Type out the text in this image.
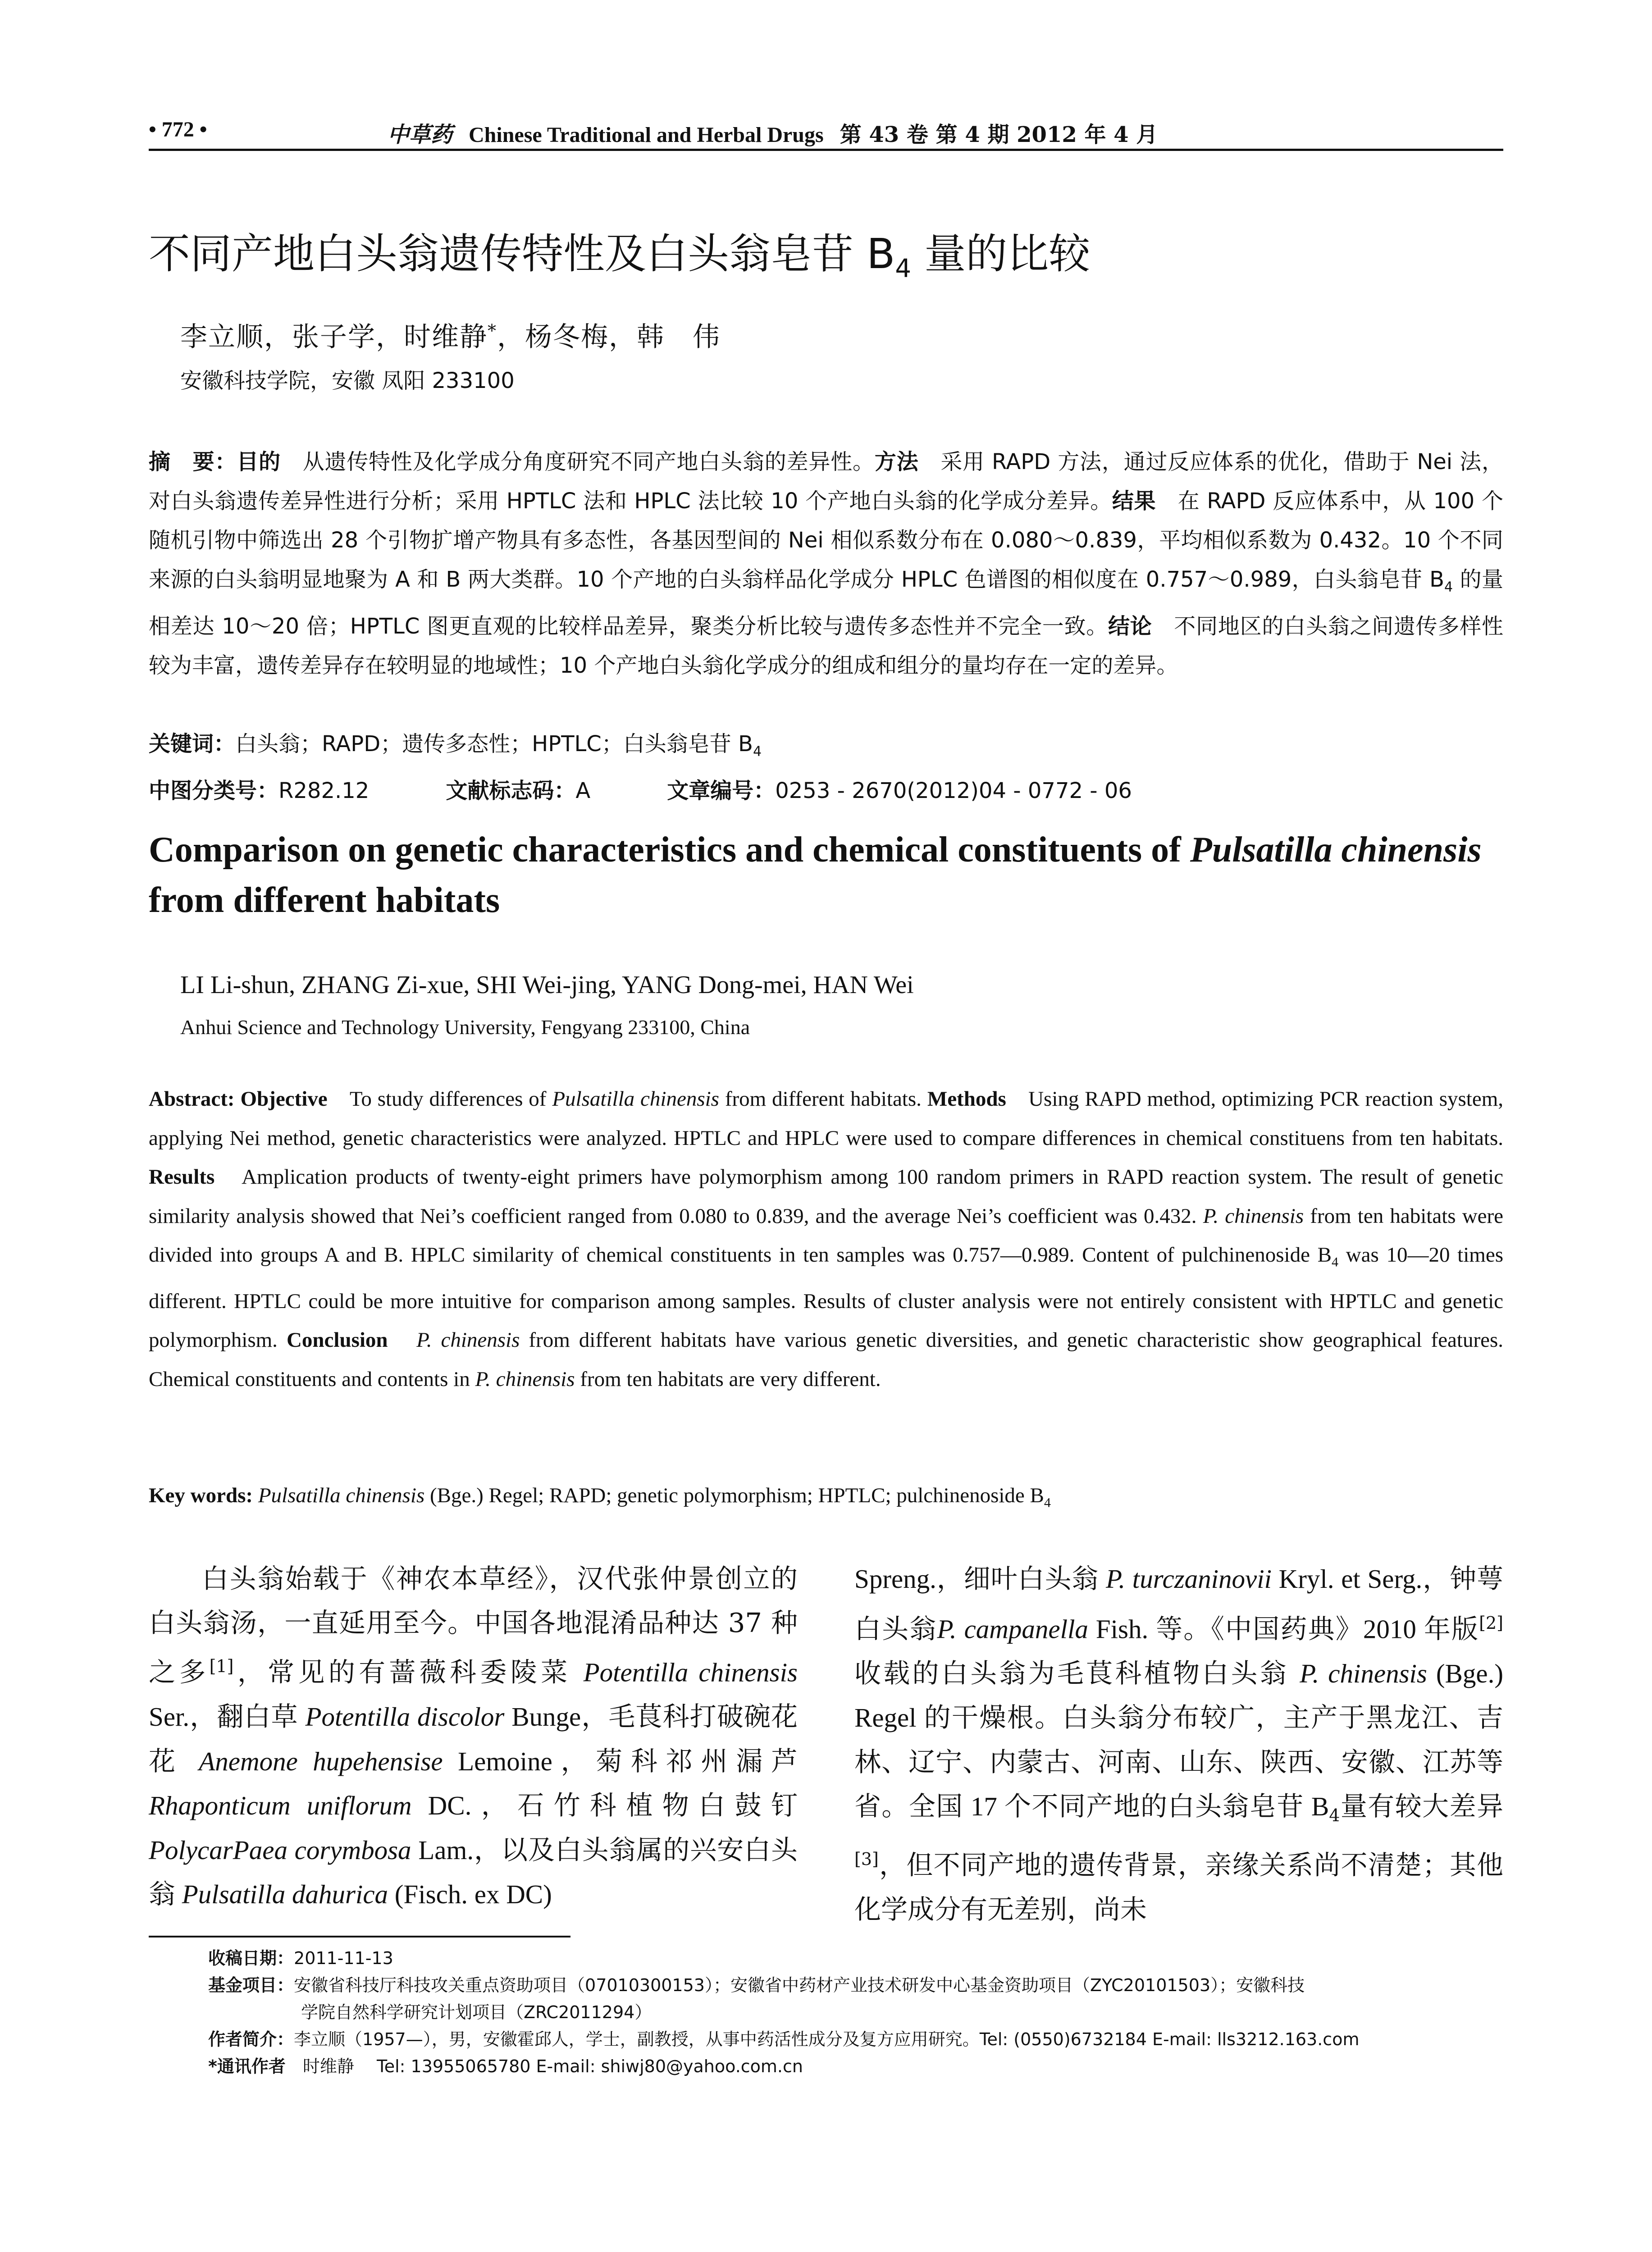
• 772 •	中草药 Chinese Traditional and Herbal Drugs 第 43 卷 第 4 期 2012 年 4 月
不同产地白头翁遗传特性及白头翁皂苷 $B_4$ 量的比较
李立顺，张子学，时维静*，杨冬梅，韩　伟
安徽科技学院，安徽 凤阳 233100
摘　要：目的　从遗传特性及化学成分角度研究不同产地白头翁的差异性。方法　采用 RAPD 方法，通过反应体系的优化，借助于 Nei 法，对白头翁遗传差异性进行分析；采用 HPTLC 法和 HPLC 法比较 10 个产地白头翁的化学成分差异。结果　在 RAPD 反应体系中，从 100 个随机引物中筛选出 28 个引物扩增产物具有多态性，各基因型间的 Nei 相似系数分布在 0.080～0.839，平均相似系数为 0.432。10 个不同来源的白头翁明显地聚为 A 和 B 两大类群。10 个产地的白头翁样品化学成分 HPLC 色谱图的相似度在 0.757～0.989，白头翁皂苷 $B_4$ 的量相差达 10～20 倍；HPTLC 图更直观的比较样品差异，聚类分析比较与遗传多态性并不完全一致。结论　不同地区的白头翁之间遗传多样性较为丰富，遗传差异存在较明显的地域性；10 个产地白头翁化学成分的组成和组分的量均存在一定的差异。
关键词：白头翁；RAPD；遗传多态性；HPTLC；白头翁皂苷 $B_4$
中图分类号：R282.12	文献标志码：A	文章编号：0253 - 2670(2012)04 - 0772 - 06
Comparison on genetic characteristics and chemical constituents of Pulsatilla chinensis from different habitats
LI Li-shun, ZHANG Zi-xue, SHI Wei-jing, YANG Dong-mei, HAN Wei
Anhui Science and Technology University, Fengyang 233100, China
Abstract: Objective　To study differences of Pulsatilla chinensis from different habitats. Methods　Using RAPD method, optimizing PCR reaction system, applying Nei method, genetic characteristics were analyzed. HPTLC and HPLC were used to compare differences in chemical constituens from ten habitats. Results　Amplication products of twenty-eight primers have polymorphism among 100 random primers in RAPD reaction system. The result of genetic similarity analysis showed that Nei’s coefficient ranged from 0.080 to 0.839, and the average Nei’s coefficient was 0.432. P. chinensis from ten habitats were divided into groups A and B. HPLC similarity of chemical constituents in ten samples was 0.757—0.989. Content of pulchinenoside $B_4$ was 10—20 times different. HPTLC could be more intuitive for comparison among samples. Results of cluster analysis were not entirely consistent with HPTLC and genetic polymorphism. Conclusion　 P. chinensis from different habitats have various genetic diversities, and genetic characteristic show geographical features. Chemical constituents and contents in P. chinensis from ten habitats are very different.
Key words: Pulsatilla chinensis (Bge.) Regel; RAPD; genetic polymorphism; HPTLC; pulchinenoside $B_4$
白头翁始载于《神农本草经》，汉代张仲景创立的白头翁汤，一直延用至今。中国各地混淆品种达 37 种之多[1]，常见的有蔷薇科委陵菜 Potentilla chinensis Ser.，翻白草 Potentilla discolor Bunge，毛茛科打破碗花花 Anemone hupehensise Lemoine，菊科祁州漏芦 Rhaponticum uniflorum DC.，石竹科植物白鼓钉 PolycarPaea corymbosa Lam.，以及白头翁属的兴安白头翁 Pulsatilla dahurica (Fisch. ex DC)
Spreng.，细叶白头翁 P. turczaninovii Kryl. et Serg.，钟萼白头翁P. campanella Fish. 等。《中国药典》2010 年版[2]收载的白头翁为毛茛科植物白头翁 P. chinensis (Bge.) Regel 的干燥根。白头翁分布较广，主产于黑龙江、吉林、辽宁、内蒙古、河南、山东、陕西、安徽、江苏等省。全国 17 个不同产地的白头翁皂苷 $B_4$量有较大差异[3]，但不同产地的遗传背景，亲缘关系尚不清楚；其他化学成分有无差别，尚未
收稿日期：2011-11-13
基金项目：安徽省科技厅科技攻关重点资助项目（07010300153）；安徽省中药材产业技术研发中心基金资助项目（ZYC20101503）；安徽科技
学院自然科学研究计划项目（ZRC2011294）
作者简介：李立顺（1957—），男，安徽霍邱人，学士，副教授，从事中药活性成分及复方应用研究。Tel: (0550)6732184 E-mail: lls3212.163.com
*通讯作者　时维静　 Tel: 13955065780 E-mail: shiwj80@yahoo.com.cn
